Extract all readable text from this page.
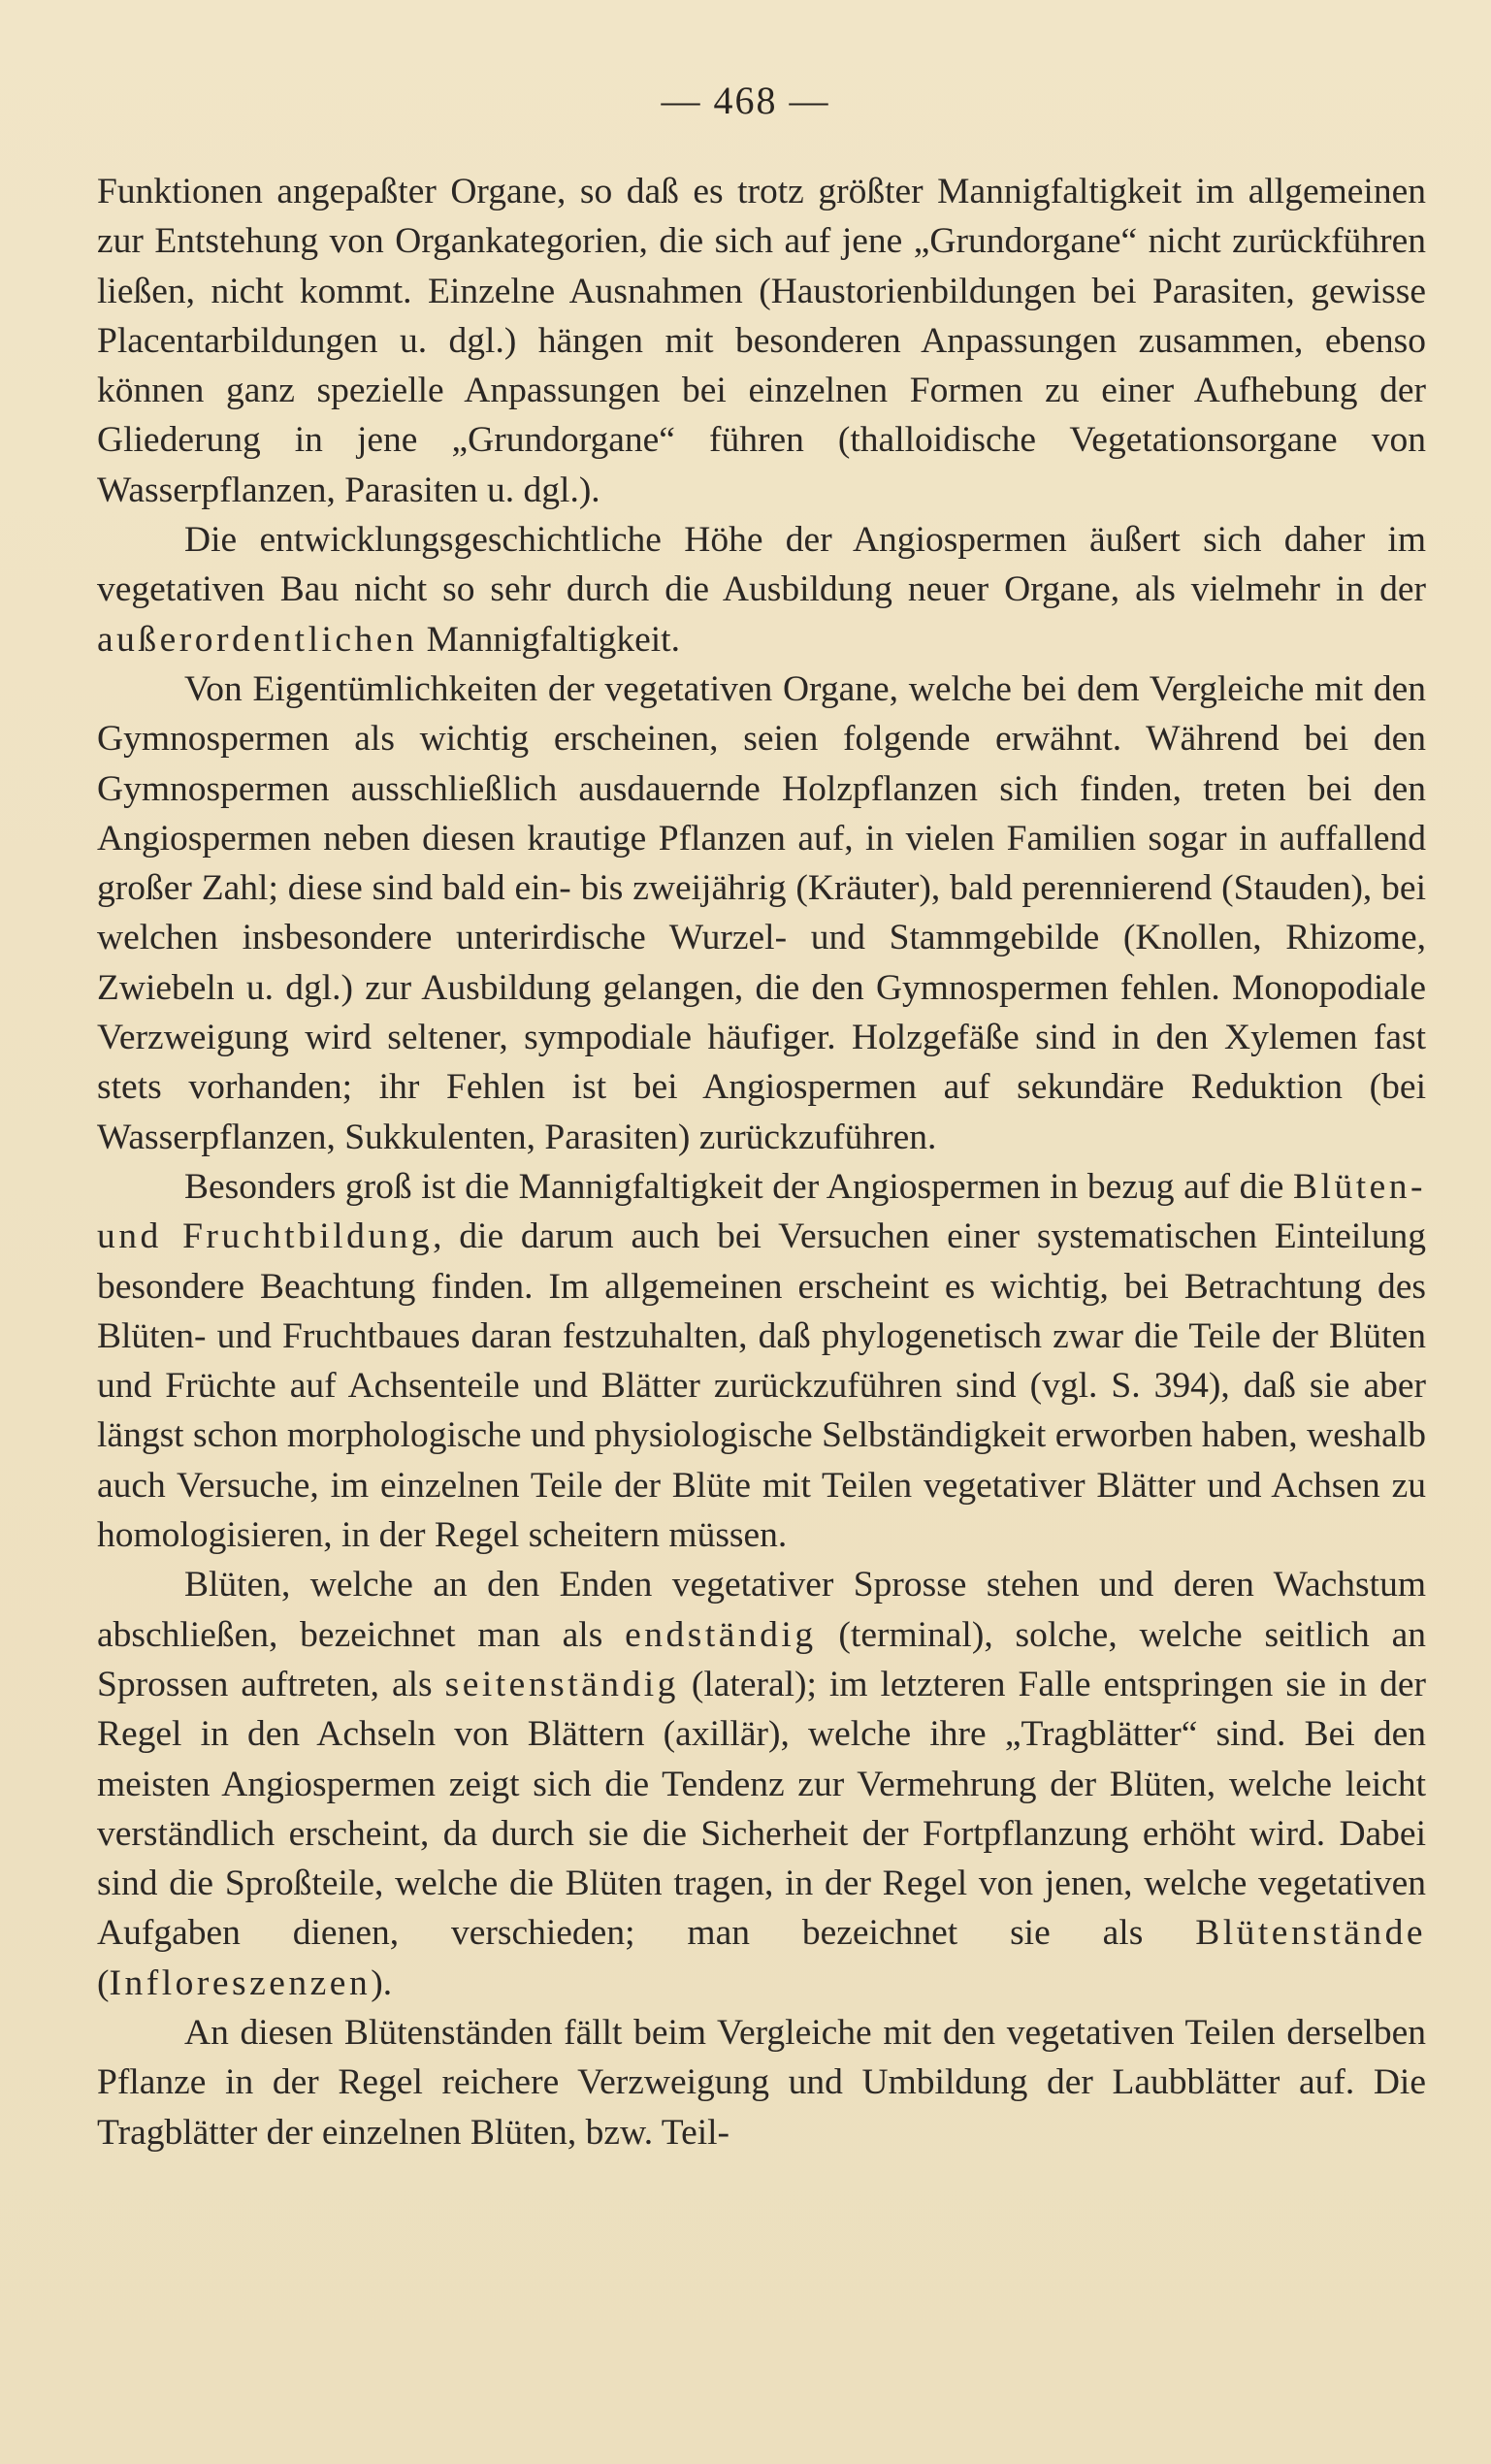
— 468 —

Funktionen angepaßter Organe, so daß es trotz größter Mannigfaltigkeit im allgemeinen zur Entstehung von Organkategorien, die sich auf jene „Grundorgane“ nicht zurückführen ließen, nicht kommt. Einzelne Ausnahmen (Haustorienbildungen bei Parasiten, gewisse Placentarbildungen u. dgl.) hängen mit besonderen Anpassungen zusammen, ebenso können ganz spezielle Anpassungen bei einzelnen Formen zu einer Aufhebung der Gliederung in jene „Grundorgane“ führen (thalloidische Vegetationsorgane von Wasserpflanzen, Parasiten u. dgl.).

Die entwicklungsgeschichtliche Höhe der Angiospermen äußert sich daher im vegetativen Bau nicht so sehr durch die Ausbildung neuer Organe, als vielmehr in der außerordentlichen Mannigfaltigkeit.

Von Eigentümlichkeiten der vegetativen Organe, welche bei dem Vergleiche mit den Gymnospermen als wichtig erscheinen, seien folgende erwähnt. Während bei den Gymnospermen ausschließlich ausdauernde Holzpflanzen sich finden, treten bei den Angiospermen neben diesen krautige Pflanzen auf, in vielen Familien sogar in auffallend großer Zahl; diese sind bald ein- bis zweijährig (Kräuter), bald perennierend (Stauden), bei welchen insbesondere unterirdische Wurzel- und Stammgebilde (Knollen, Rhizome, Zwiebeln u. dgl.) zur Ausbildung gelangen, die den Gymnospermen fehlen. Monopodiale Verzweigung wird seltener, sympodiale häufiger. Holzgefäße sind in den Xylemen fast stets vorhanden; ihr Fehlen ist bei Angiospermen auf sekundäre Reduktion (bei Wasserpflanzen, Sukkulenten, Parasiten) zurückzuführen.

Besonders groß ist die Mannigfaltigkeit der Angiospermen in bezug auf die Blüten- und Fruchtbildung, die darum auch bei Versuchen einer systematischen Einteilung besondere Beachtung finden. Im allgemeinen erscheint es wichtig, bei Betrachtung des Blüten- und Fruchtbaues daran festzuhalten, daß phylogenetisch zwar die Teile der Blüten und Früchte auf Achsenteile und Blätter zurückzuführen sind (vgl. S. 394), daß sie aber längst schon morphologische und physiologische Selbständigkeit erworben haben, weshalb auch Versuche, im einzelnen Teile der Blüte mit Teilen vegetativer Blätter und Achsen zu homologisieren, in der Regel scheitern müssen.

Blüten, welche an den Enden vegetativer Sprosse stehen und deren Wachstum abschließen, bezeichnet man als endständig (terminal), solche, welche seitlich an Sprossen auftreten, als seitenständig (lateral); im letzteren Falle entspringen sie in der Regel in den Achseln von Blättern (axillär), welche ihre „Tragblätter“ sind. Bei den meisten Angiospermen zeigt sich die Tendenz zur Vermehrung der Blüten, welche leicht verständlich erscheint, da durch sie die Sicherheit der Fortpflanzung erhöht wird. Dabei sind die Sproßteile, welche die Blüten tragen, in der Regel von jenen, welche vegetativen Aufgaben dienen, verschieden; man bezeichnet sie als Blütenstände (Infloreszenzen).

An diesen Blütenständen fällt beim Vergleiche mit den vegetativen Teilen derselben Pflanze in der Regel reichere Verzweigung und Umbildung der Laubblätter auf. Die Tragblätter der einzelnen Blüten, bzw. Teil-
